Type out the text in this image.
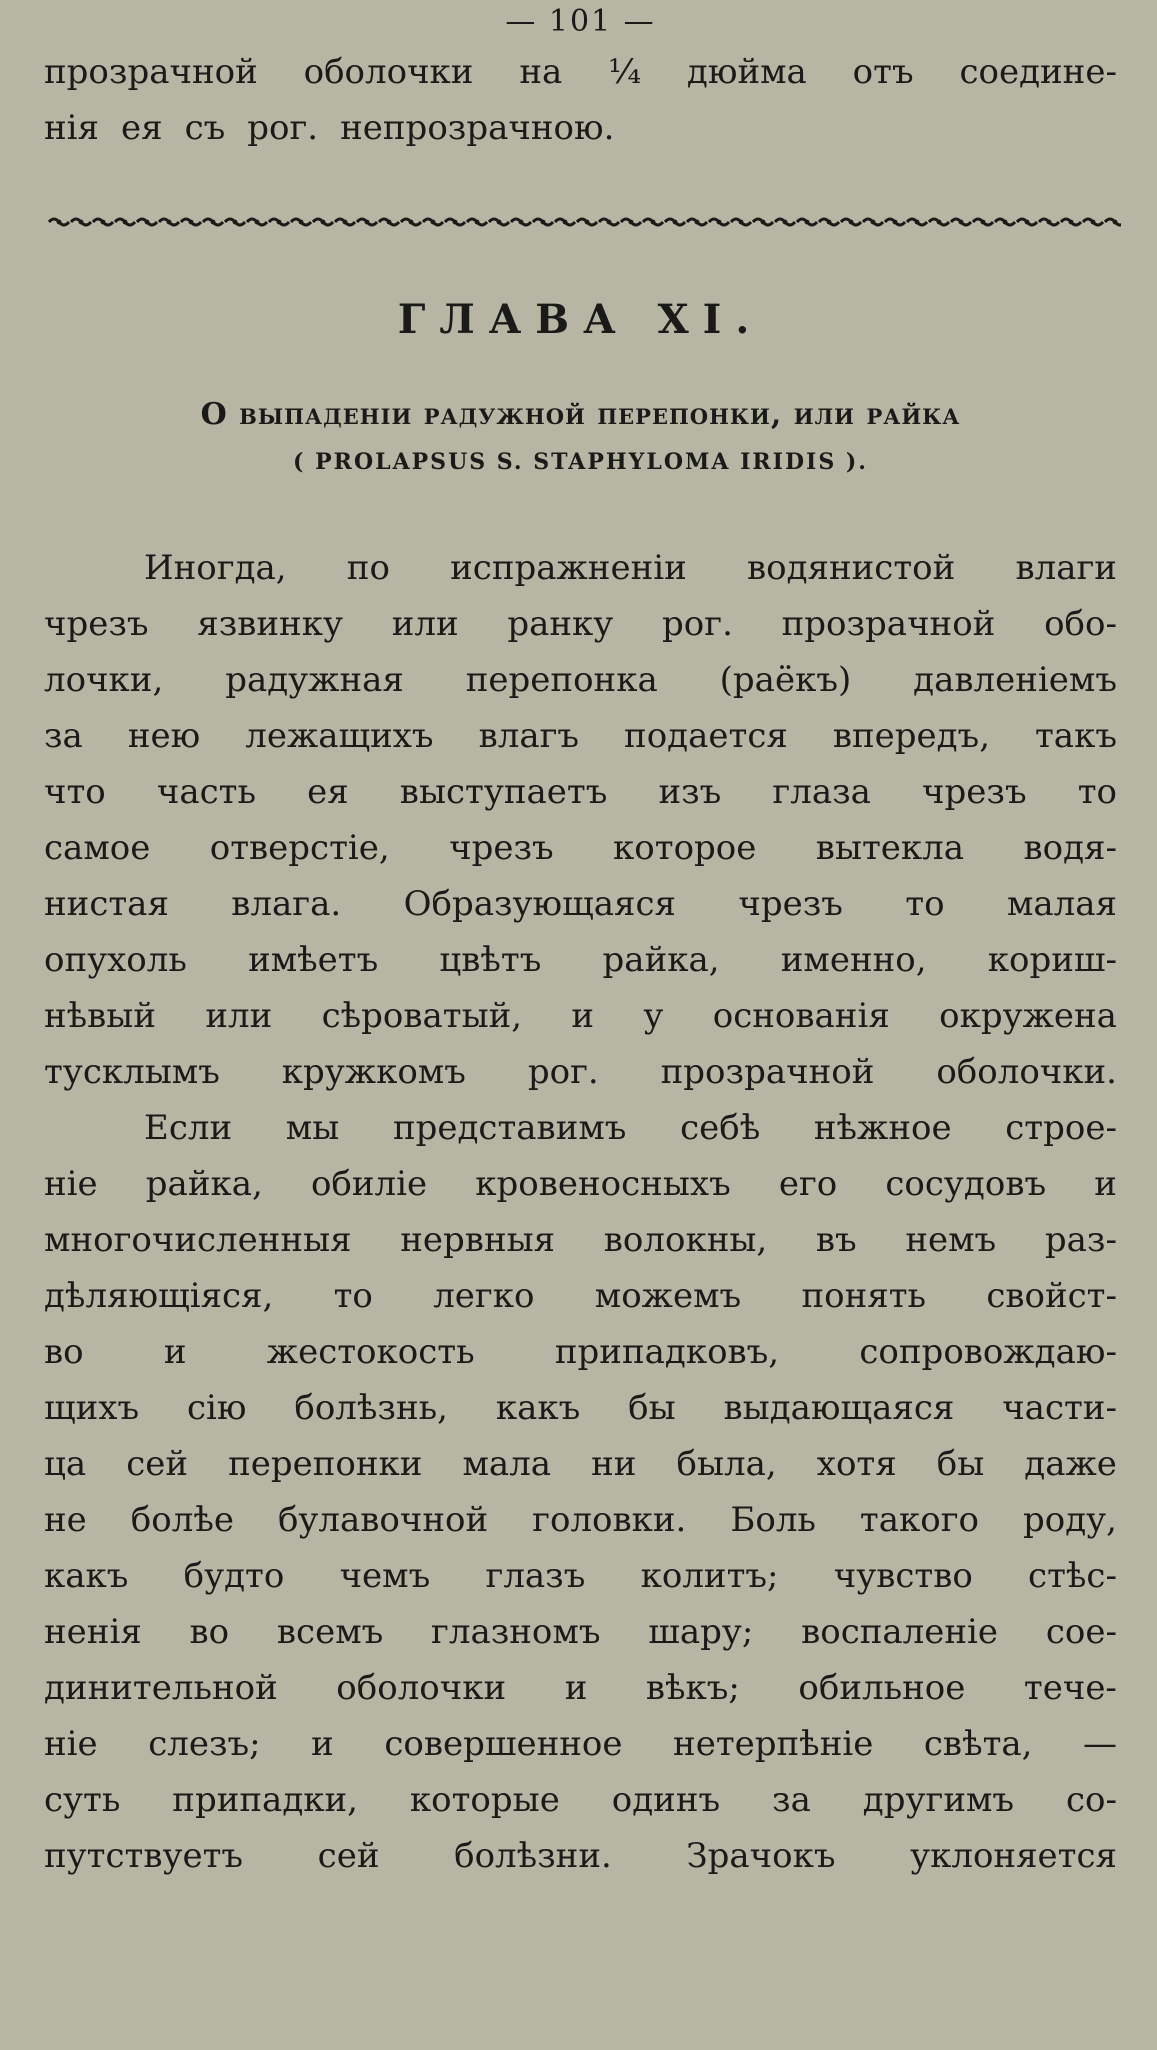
— 101 —
прозрачной оболочки на ¼ дюйма отъ соедине-
нія ея съ рог. непрозрачною.
ГЛАВА XI.
О выпаденіи радужной перепонки, или райка
( PROLAPSUS S. STAPHYLOMA IRIDIS ).
Иногда, по испражненіи водянистой влаги
чрезъ язвинку или ранку рог. прозрачной обо-
лочки, радужная перепонка (раёкъ) давленіемъ
за нею лежащихъ влагъ подается впередъ, такъ
что часть ея выступаетъ изъ глаза чрезъ то
самое отверстіе, чрезъ которое вытекла водя-
нистая влага. Образующаяся чрезъ то малая
опухоль имѣетъ цвѣтъ райка, именно, кориш-
нѣвый или сѣроватый, и у основанія окружена
тусклымъ кружкомъ рог. прозрачной оболочки.
Если мы представимъ себѣ нѣжное строе-
ніе райка, обиліе кровеносныхъ его сосудовъ и
многочисленныя нервныя волокны, въ немъ раз-
дѣляющіяся, то легко можемъ понять свойст-
во и жестокость припадковъ, сопровождаю-
щихъ сію болѣзнь, какъ бы выдающаяся части-
ца сей перепонки мала ни была, хотя бы даже
не болѣе булавочной головки. Боль такого роду,
какъ будто чемъ глазъ колитъ; чувство стѣс-
ненія во всемъ глазномъ шару; воспаленіе сое-
динительной оболочки и вѣкъ; обильное тече-
ніе слезъ; и совершенное нетерпѣніе свѣта, —
суть припадки, которые одинъ за другимъ со-
путствуетъ сей болѣзни. Зрачокъ уклоняется
